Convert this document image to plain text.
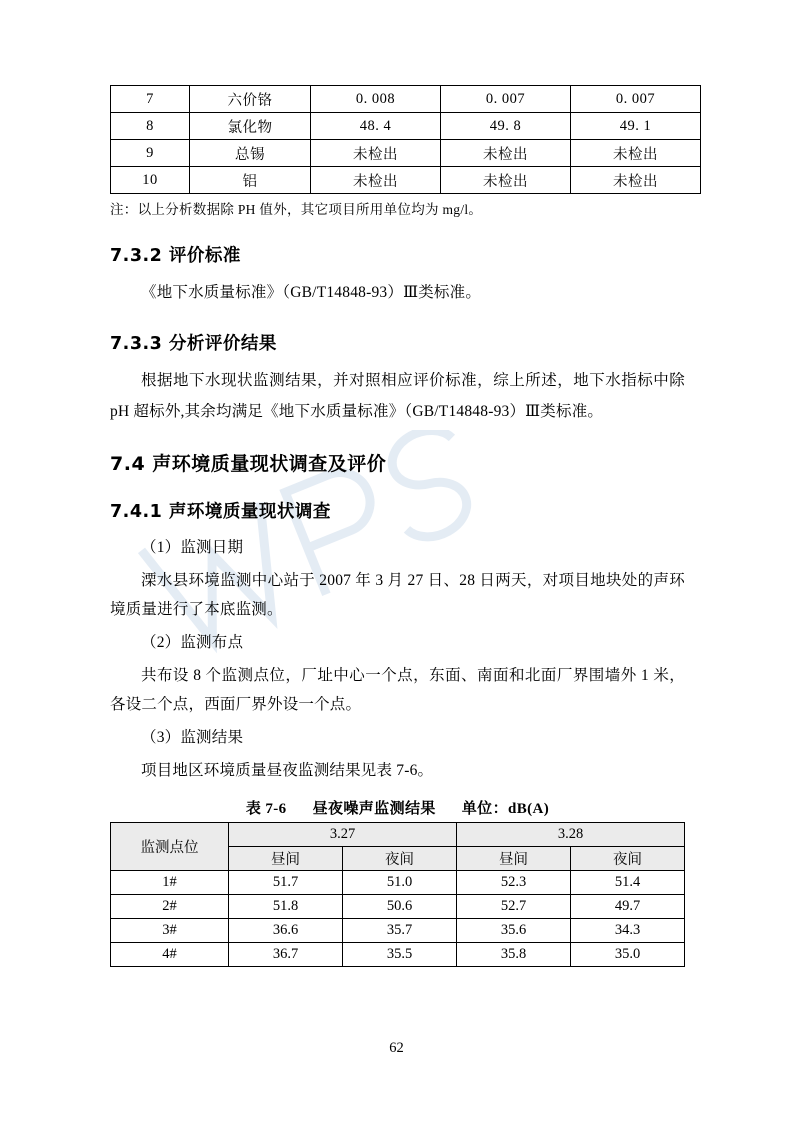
7	六价铬	0. 008	0. 007	0. 007
8	氯化物	48. 4	49. 8	49. 1
9	总锡	未检出	未检出	未检出
10	铝	未检出	未检出	未检出
注：以上分析数据除 PH 值外，其它项目所用单位均为 mg/l。
7.3.2 评价标准

《地下水质量标准》（GB/T14848-93）Ⅲ类标准。

7.3.3 分析评价结果

根据地下水现状监测结果，并对照相应评价标准，综上所述，地下水指标中除 pH 超标外,其余均满足《地下水质量标准》（GB/T14848-93）Ⅲ类标准。

7.4 声环境质量现状调查及评价
7.4.1 声环境质量现状调查

（1）监测日期

溧水县环境监测中心站于 2007 年 3 月 27 日、28 日两天，对项目地块处的声环境质量进行了本底监测。

（2）监测布点

共布设 8 个监测点位，厂址中心一个点，东面、南面和北面厂界围墙外 1 米，各设二个点，西面厂界外设一个点。

（3）监测结果

项目地区环境质量昼夜监测结果见表 7-6。

表 7-6 昼夜噪声监测结果 单位：dB(A)
监测点位	3.27		3.28	
	昼间	夜间	昼间	夜间
1#	51.7	51.0	52.3	51.4
2#	51.8	50.6	52.7	49.7
3#	36.6	35.7	35.6	34.3
4#	36.7	35.5	35.8	35.0
62
